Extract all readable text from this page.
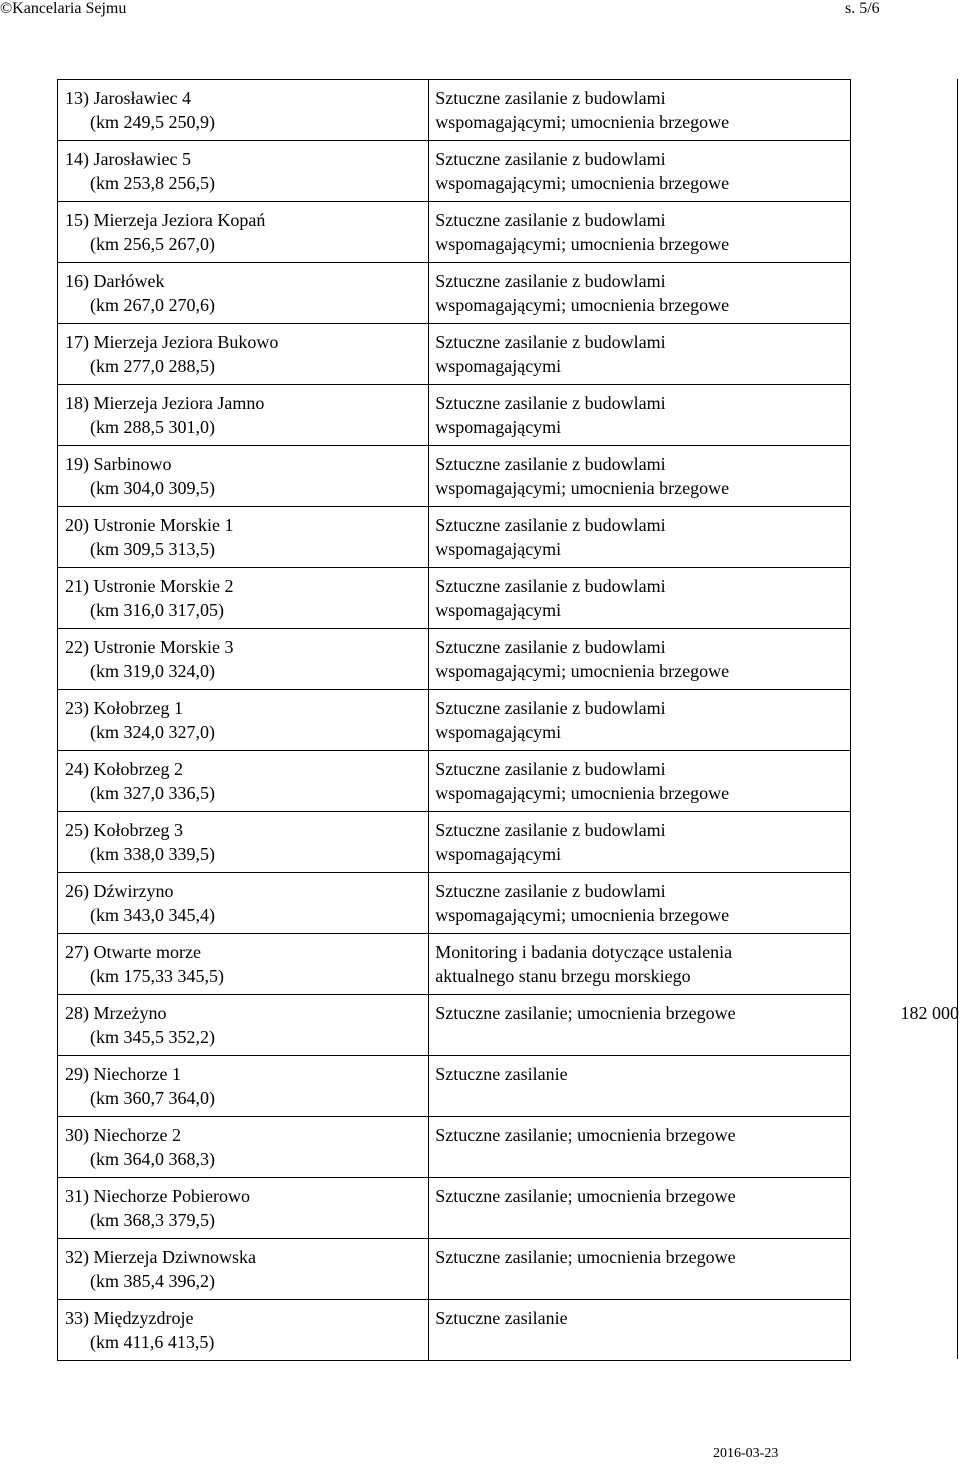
©Kancelaria Sejmu	s. 5/6
13) Jarosławiec 4
(km 249,5 250,9)	Sztuczne zasilanie z budowlami
wspomagającymi; umocnienia brzegowe	

14) Jarosławiec 5
(km 253,8 256,5)	Sztuczne zasilanie z budowlami
wspomagającymi; umocnienia brzegowe	

15) Mierzeja Jeziora Kopań
(km 256,5 267,0)	Sztuczne zasilanie z budowlami
wspomagającymi; umocnienia brzegowe	

16) Darłówek
(km 267,0 270,6)	Sztuczne zasilanie z budowlami
wspomagającymi; umocnienia brzegowe	

17) Mierzeja Jeziora Bukowo
(km 277,0 288,5)	Sztuczne zasilanie z budowlami
wspomagającymi	

18) Mierzeja Jeziora Jamno
(km 288,5 301,0)	Sztuczne zasilanie z budowlami
wspomagającymi	

19) Sarbinowo
(km 304,0 309,5)	Sztuczne zasilanie z budowlami
wspomagającymi; umocnienia brzegowe	

20) Ustronie Morskie 1
(km 309,5 313,5)	Sztuczne zasilanie z budowlami
wspomagającymi	

21) Ustronie Morskie 2
(km 316,0 317,05)	Sztuczne zasilanie z budowlami
wspomagającymi	

22) Ustronie Morskie 3
(km 319,0 324,0)	Sztuczne zasilanie z budowlami
wspomagającymi; umocnienia brzegowe	

23) Kołobrzeg 1
(km 324,0 327,0)	Sztuczne zasilanie z budowlami
wspomagającymi	

24) Kołobrzeg 2
(km 327,0 336,5)	Sztuczne zasilanie z budowlami
wspomagającymi; umocnienia brzegowe	

25) Kołobrzeg 3
(km 338,0 339,5)	Sztuczne zasilanie z budowlami
wspomagającymi	

26) Dźwirzyno
(km 343,0 345,4)	Sztuczne zasilanie z budowlami
wspomagającymi; umocnienia brzegowe	

27) Otwarte morze
(km 175,33 345,5)	Monitoring i badania dotyczące ustalenia
aktualnego stanu brzegu morskiego	

28) Mrzeżyno
(km 345,5 352,2)	Sztuczne zasilanie; umocnienia brzegowe	182 000

29) Niechorze 1
(km 360,7 364,0)	Sztuczne zasilanie	

30) Niechorze 2
(km 364,0 368,3)	Sztuczne zasilanie; umocnienia brzegowe	

31) Niechorze Pobierowo
(km 368,3 379,5)	Sztuczne zasilanie; umocnienia brzegowe	

32) Mierzeja Dziwnowska
(km 385,4 396,2)	Sztuczne zasilanie; umocnienia brzegowe	

33) Międzyzdroje
(km 411,6 413,5)	Sztuczne zasilanie	

2016-03-23
